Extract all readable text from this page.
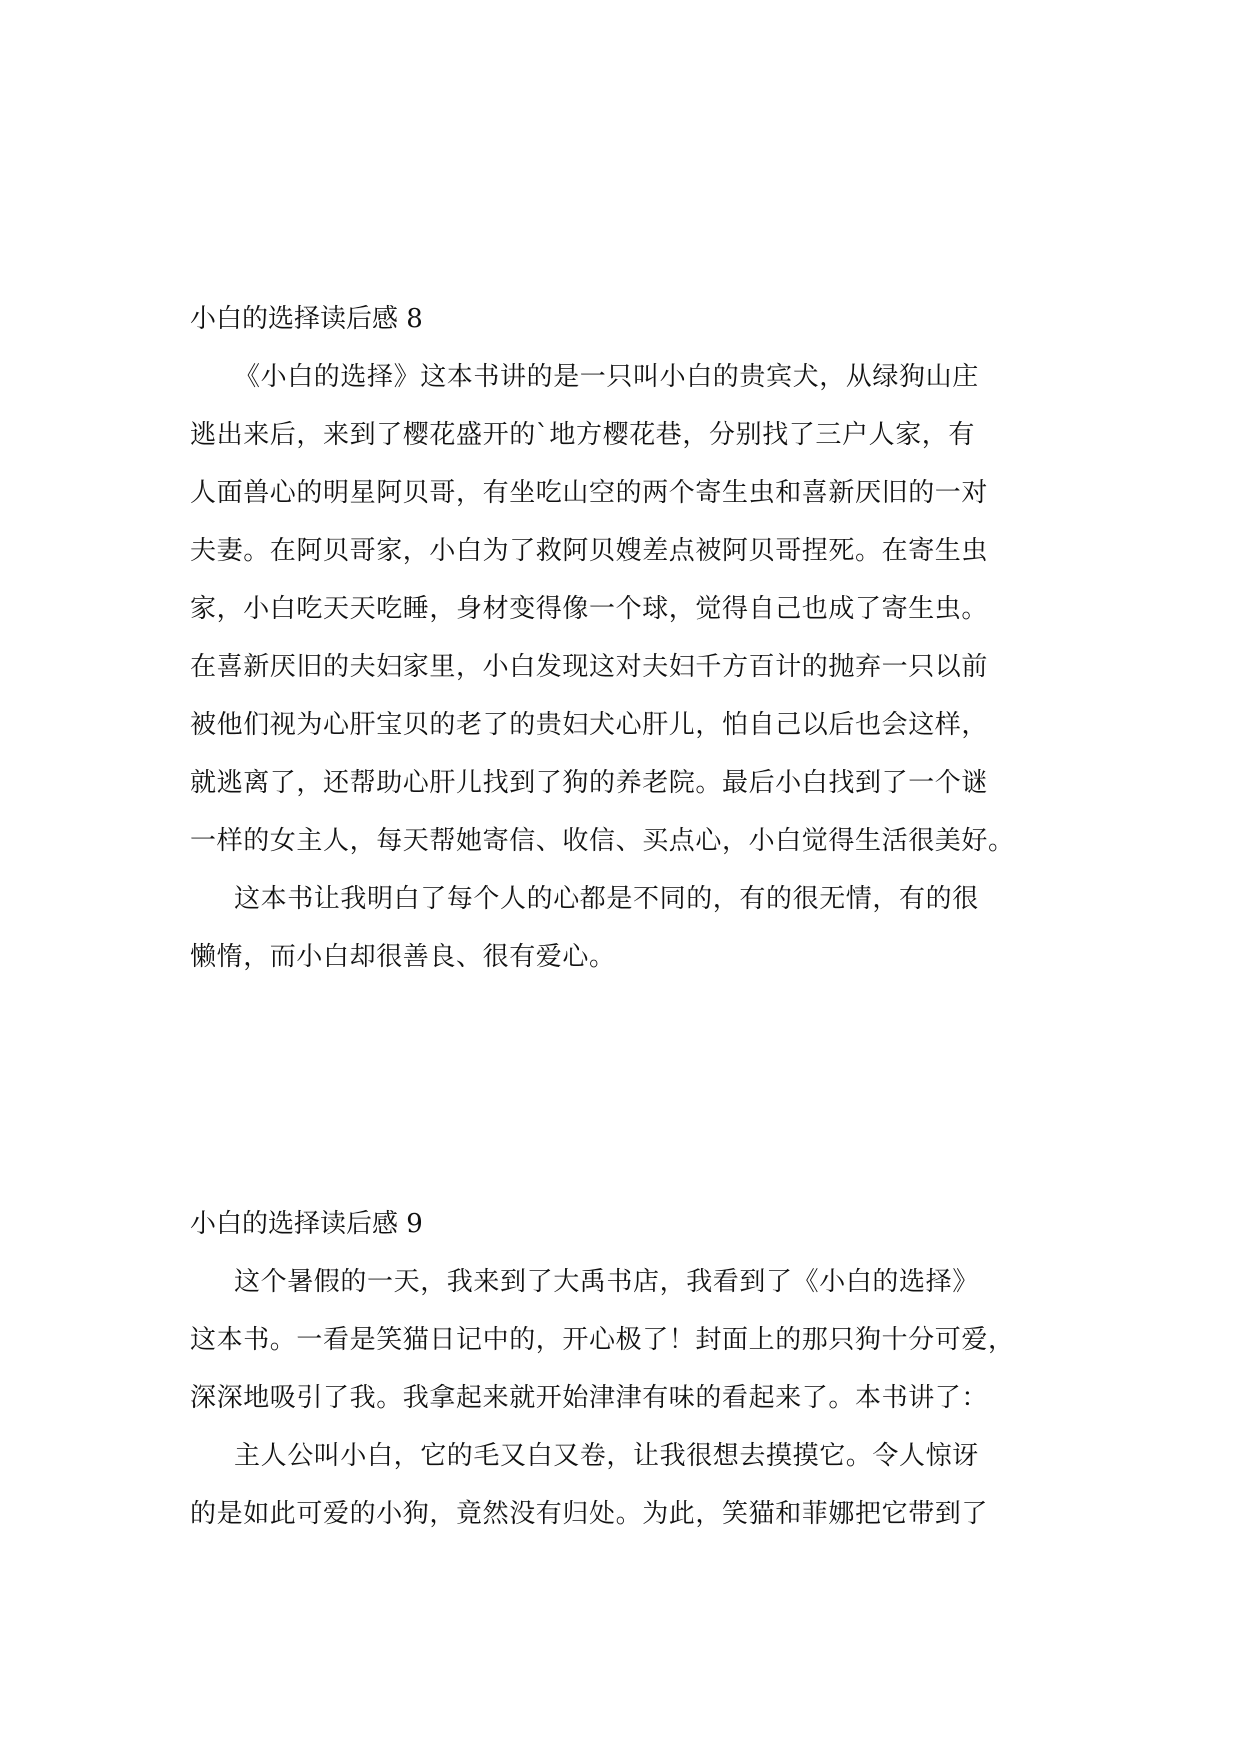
小白的选择读后感 8
《小白的选择》这本书讲的是一只叫小白的贵宾犬，从绿狗山庄
逃出来后，来到了樱花盛开的`地方樱花巷，分别找了三户人家，有
人面兽心的明星阿贝哥，有坐吃山空的两个寄生虫和喜新厌旧的一对
夫妻。在阿贝哥家，小白为了救阿贝嫂差点被阿贝哥捏死。在寄生虫
家，小白吃天天吃睡，身材变得像一个球，觉得自己也成了寄生虫。
在喜新厌旧的夫妇家里，小白发现这对夫妇千方百计的抛弃一只以前
被他们视为心肝宝贝的老了的贵妇犬心肝儿，怕自己以后也会这样，
就逃离了，还帮助心肝儿找到了狗的养老院。最后小白找到了一个谜
一样的女主人，每天帮她寄信、收信、买点心，小白觉得生活很美好。
这本书让我明白了每个人的心都是不同的，有的很无情，有的很
懒惰，而小白却很善良、很有爱心。
小白的选择读后感 9
这个暑假的一天，我来到了大禹书店，我看到了《小白的选择》
这本书。一看是笑猫日记中的，开心极了！封面上的那只狗十分可爱，
深深地吸引了我。我拿起来就开始津津有味的看起来了。本书讲了：
主人公叫小白，它的毛又白又卷，让我很想去摸摸它。令人惊讶
的是如此可爱的小狗，竟然没有归处。为此，笑猫和菲娜把它带到了
